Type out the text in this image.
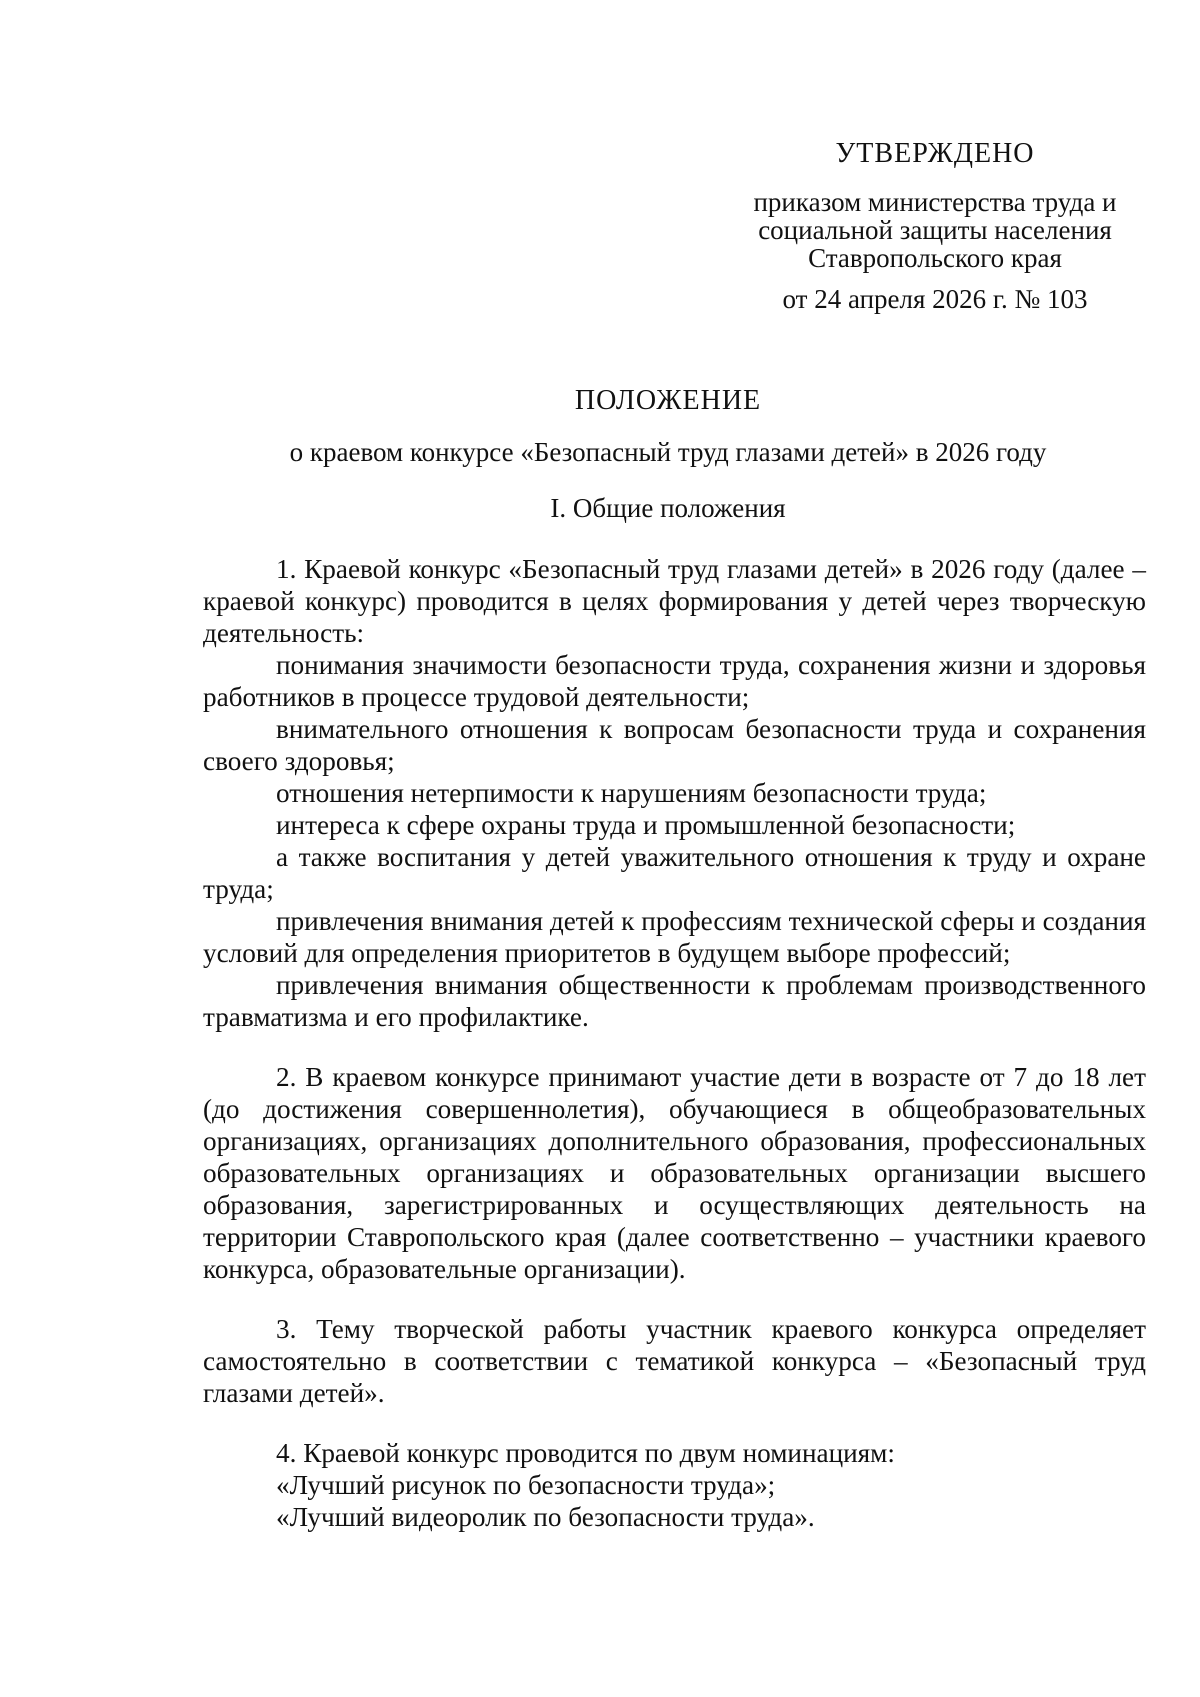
УТВЕРЖДЕНО
приказом министерства труда и
социальной защиты населения
Ставропольского края
от 24 апреля 2026 г. № 103
ПОЛОЖЕНИЕ
о краевом конкурсе «Безопасный труд глазами детей» в 2026 году
I. Общие положения

1. Краевой конкурс «Безопасный труд глазами детей» в 2026 году (далее – краевой конкурс) проводится в целях формирования у детей через творческую деятельность:

понимания значимости безопасности труда, сохранения жизни и здоровья работников в процессе трудовой деятельности;

внимательного отношения к вопросам безопасности труда и сохранения своего здоровья;

отношения нетерпимости к нарушениям безопасности труда;

интереса к сфере охраны труда и промышленной безопасности;

а также воспитания у детей уважительного отношения к труду и охране труда;

привлечения внимания детей к профессиям технической сферы и создания условий для определения приоритетов в будущем выборе профессий;

привлечения внимания общественности к проблемам производственного травматизма и его профилактике.

2. В краевом конкурсе принимают участие дети в возрасте от 7 до 18 лет (до достижения совершеннолетия), обучающиеся в общеобразовательных организациях, организациях дополнительного образования, профессиональных образовательных организациях и образовательных организации высшего образования, зарегистрированных и осуществляющих деятельность на территории Ставропольского края (далее соответственно – участники краевого конкурса, образовательные организации).

3. Тему творческой работы участник краевого конкурса определяет самостоятельно в соответствии с тематикой конкурса – «Безопасный труд глазами детей».

4. Краевой конкурс проводится по двум номинациям:

«Лучший рисунок по безопасности труда»;

«Лучший видеоролик по безопасности труда».
